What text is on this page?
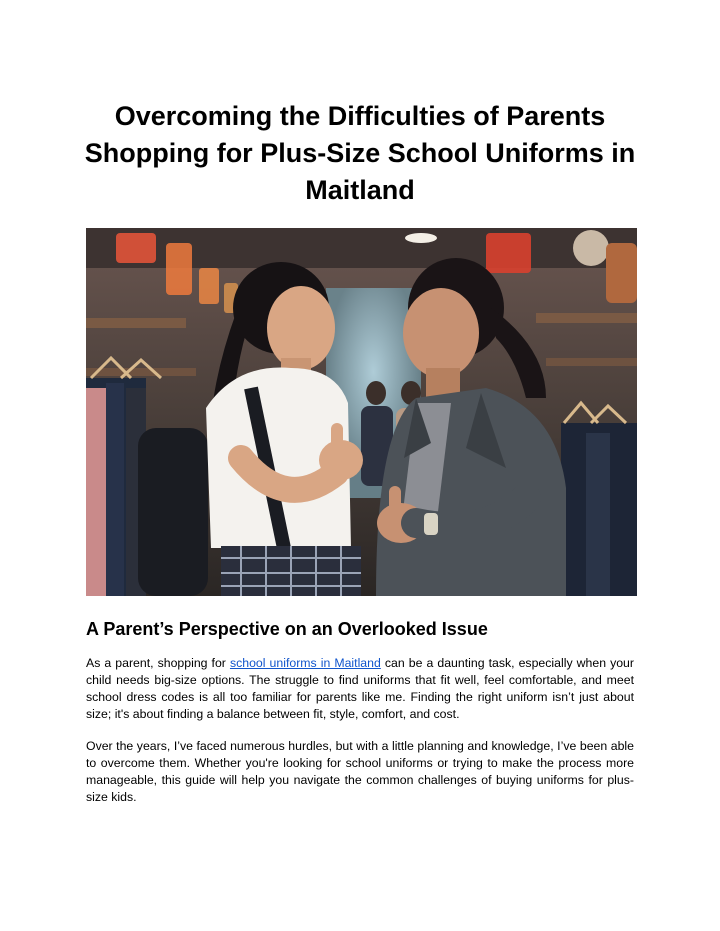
Overcoming the Difficulties of Parents Shopping for Plus-Size School Uniforms in Maitland
A Parent’s Perspective on an Overlooked Issue

As a parent, shopping for school uniforms in Maitland can be a daunting task, especially when your child needs big-size options. The struggle to find uniforms that fit well, feel comfortable, and meet school dress codes is all too familiar for parents like me. Finding the right uniform isn’t just about size; it's about finding a balance between fit, style, comfort, and cost.

Over the years, I’ve faced numerous hurdles, but with a little planning and knowledge, I’ve been able to overcome them. Whether you're looking for school uniforms or trying to make the process more manageable, this guide will help you navigate the common challenges of buying uniforms for plus-size kids.
